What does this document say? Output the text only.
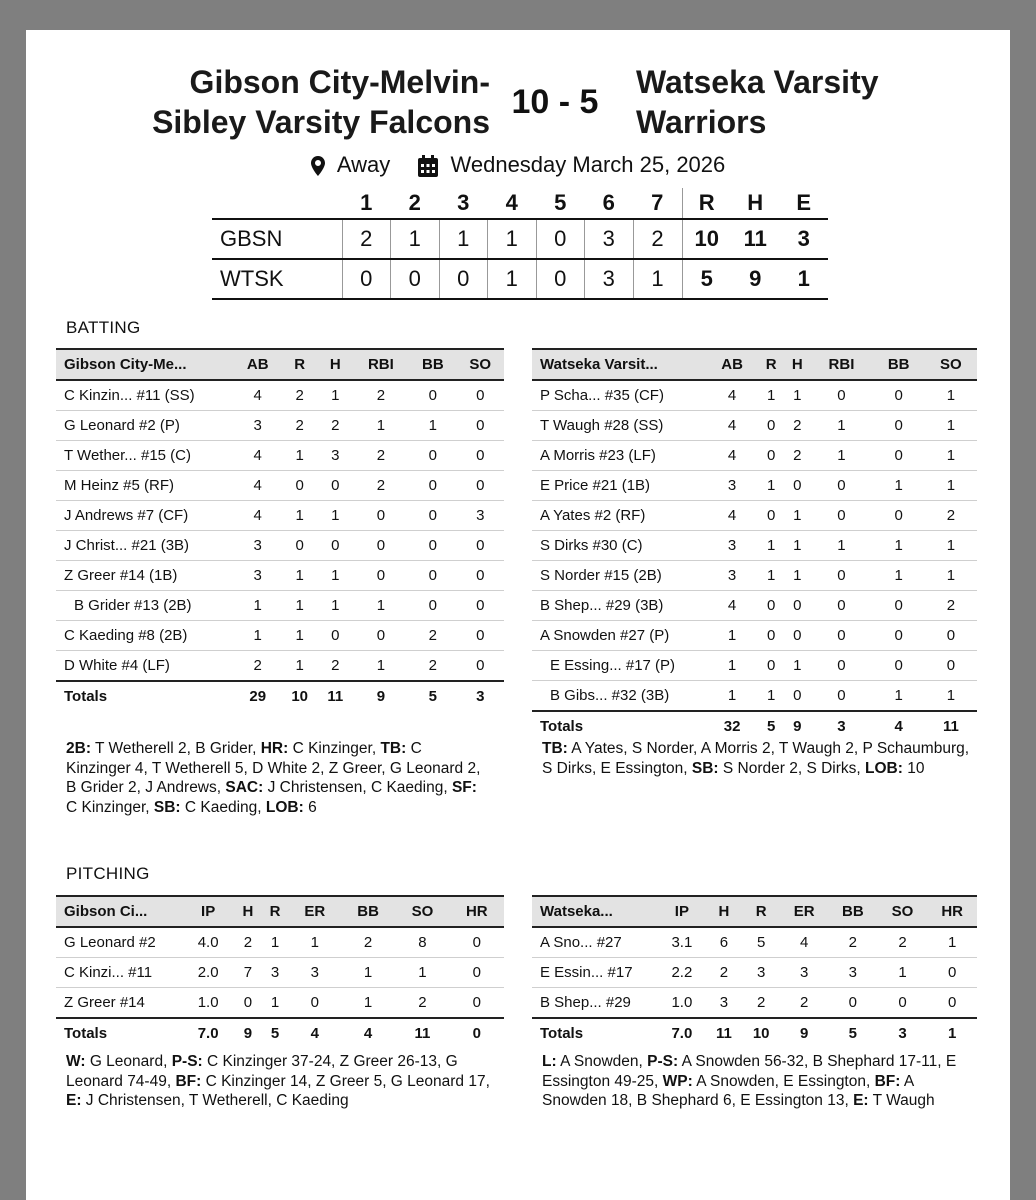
Gibson City-Melvin-
Sibley Varsity Falcons
10 - 5
Watseka Varsity
Warriors
Away	Wednesday March 25, 2026
	1	2	3	4	5	6	7	R	H	E
GBSN	2	1	1	1	0	3	2	10	11	3
WTSK	0	0	0	1	0	3	1	5	9	1
BATTING
Gibson City-Me...	AB	R	H	RBI	BB	SO
C Kinzin... #11 (SS)	4	2	1	2	0	0
G Leonard #2 (P)	3	2	2	1	1	0
T Wether... #15 (C)	4	1	3	2	0	0
M Heinz #5 (RF)	4	0	0	2	0	0
J Andrews #7 (CF)	4	1	1	0	0	3
J Christ... #21 (3B)	3	0	0	0	0	0
Z Greer #14 (1B)	3	1	1	0	0	0
B Grider #13 (2B)	1	1	1	1	0	0
C Kaeding #8 (2B)	1	1	0	0	2	0
D White #4 (LF)	2	1	2	1	2	0
Totals	29	10	11	9	5	3
Watseka Varsit...	AB	R	H	RBI	BB	SO
P Scha... #35 (CF)	4	1	1	0	0	1
T Waugh #28 (SS)	4	0	2	1	0	1
A Morris #23 (LF)	4	0	2	1	0	1
E Price #21 (1B)	3	1	0	0	1	1
A Yates #2 (RF)	4	0	1	0	0	2
S Dirks #30 (C)	3	1	1	1	1	1
S Norder #15 (2B)	3	1	1	0	1	1
B Shep... #29 (3B)	4	0	0	0	0	2
A Snowden #27 (P)	1	0	0	0	0	0
E Essing... #17 (P)	1	0	1	0	0	0
B Gibs... #32 (3B)	1	1	0	0	1	1
Totals	32	5	9	3	4	11
2B: T Wetherell 2, B Grider, HR: C Kinzinger, TB: C Kinzinger 4, T Wetherell 5, D White 2, Z Greer, G Leonard 2, B Grider 2, J Andrews, SAC: J Christensen, C Kaeding, SF: C Kinzinger, SB: C Kaeding, LOB: 6
TB: A Yates, S Norder, A Morris 2, T Waugh 2, P Schaumburg, S Dirks, E Essington, SB: S Norder 2, S Dirks, LOB: 10
PITCHING
Gibson Ci...	IP	H	R	ER	BB	SO	HR
G Leonard #2	4.0	2	1	1	2	8	0
C Kinzi... #11	2.0	7	3	3	1	1	0
Z Greer #14	1.0	0	1	0	1	2	0
Totals	7.0	9	5	4	4	11	0
Watseka...	IP	H	R	ER	BB	SO	HR
A Sno... #27	3.1	6	5	4	2	2	1
E Essin... #17	2.2	2	3	3	3	1	0
B Shep... #29	1.0	3	2	2	0	0	0
Totals	7.0	11	10	9	5	3	1
W: G Leonard, P-S: C Kinzinger 37-24, Z Greer 26-13, G Leonard 74-49, BF: C Kinzinger 14, Z Greer 5, G Leonard 17, E: J Christensen, T Wetherell, C Kaeding
L: A Snowden, P-S: A Snowden 56-32, B Shephard 17-11, E Essington 49-25, WP: A Snowden, E Essington, BF: A Snowden 18, B Shephard 6, E Essington 13, E: T Waugh
